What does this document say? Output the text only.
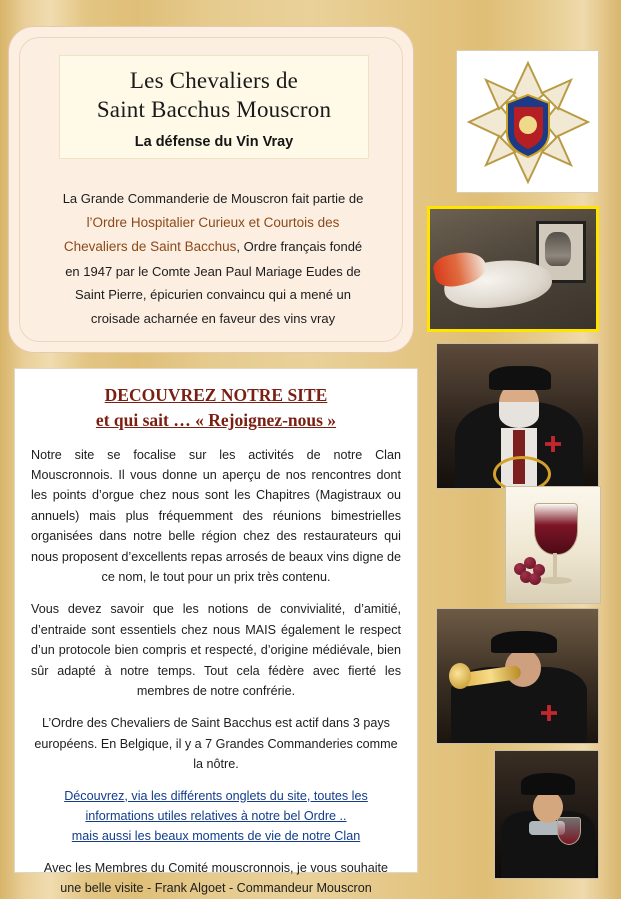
Les Chevaliers de
Saint Bacchus Mouscron
La défense du Vin Vray
La Grande Commanderie de Mouscron fait partie de
l’Ordre Hospitalier Curieux et Courtois des
Chevaliers de Saint Bacchus, Ordre français fondé
en 1947 par le Comte Jean Paul Mariage Eudes de
Saint Pierre, épicurien convaincu qui a mené un
croisade acharnée en faveur des vins vray
DECOUVREZ NOTRE SITE
et qui sait … « Rejoignez-nous »
Notre site se focalise sur les activités de notre Clan Mouscronnois. Il vous donne un aperçu de nos rencontres dont les points d’orgue chez nous sont les Chapitres (Magistraux ou annuels) mais plus fréquemment des réunions bimestrielles organisées dans notre belle région chez des restaurateurs qui nous proposent d’excellents repas arrosés de beaux vins digne de ce nom, le tout pour un prix très contenu.
Vous devez savoir que les notions de convivialité, d’amitié, d’entraide sont essentiels chez nous MAIS également le respect d’un protocole bien compris et respecté, d’origine médiévale, bien sûr adapté à notre temps. Tout cela fédère avec fierté les membres de notre confrérie.
L’Ordre des Chevaliers de Saint Bacchus est actif dans 3 pays européens. En Belgique, il y a 7 Grandes Commanderies comme la nôtre.
Découvrez, via les différents onglets du site, toutes les
informations utiles relatives à notre bel Ordre ..
mais aussi les beaux moments de vie de notre Clan
Avec les Membres du Comité mouscronnois, je vous souhaite
une belle visite - Frank Algoet - Commandeur Mouscron
